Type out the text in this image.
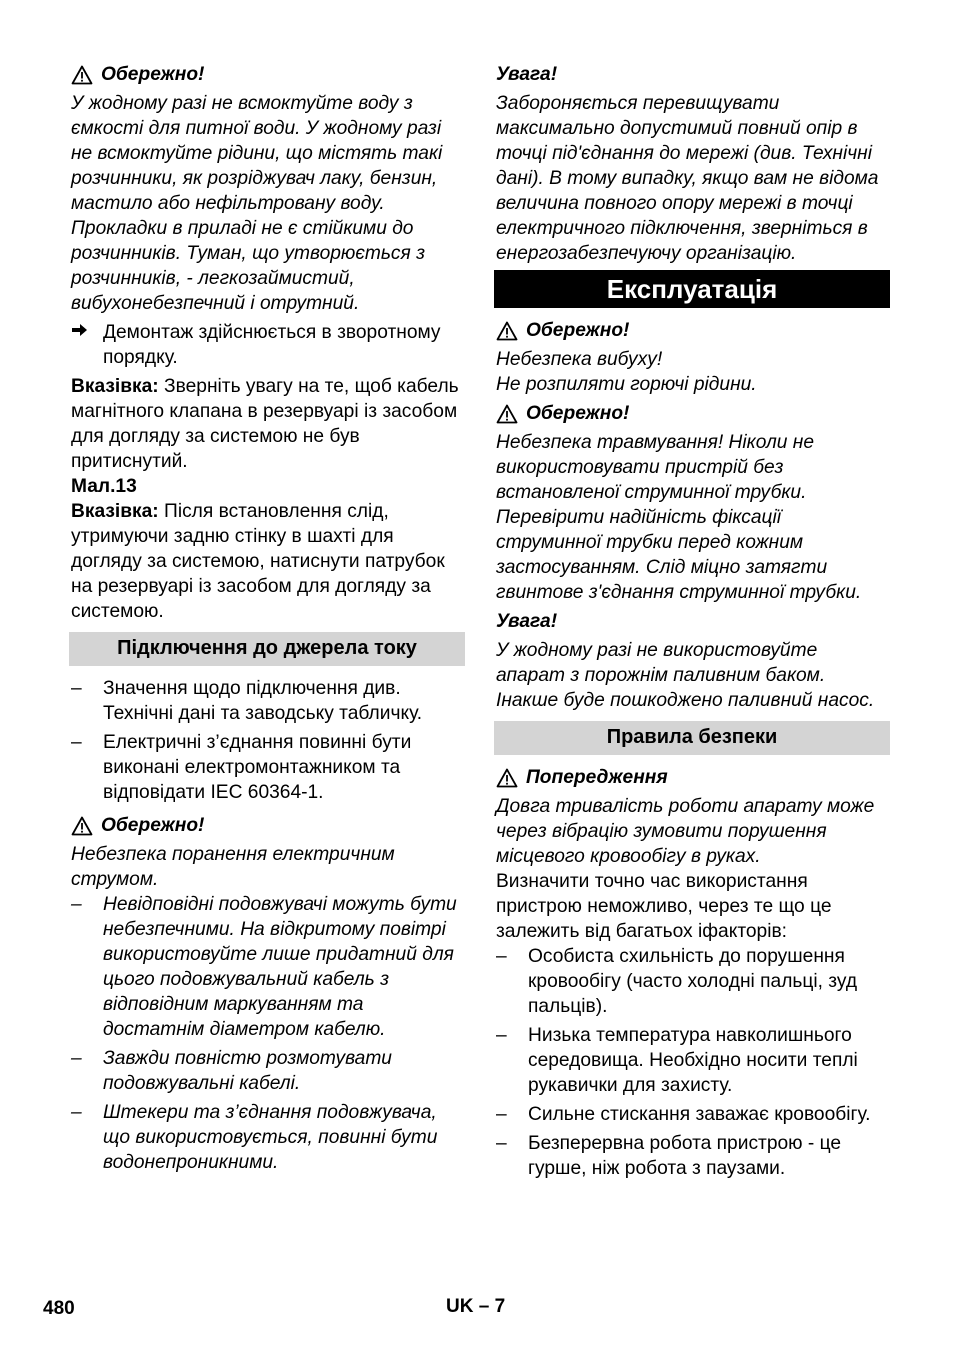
Обережно!

У жодному разі не всмоктуйте воду з ємкості для питної води. У жодному разі не всмоктуйте рідини, що містять такі розчинники, як розріджувач лаку, бензин, мастило або нефільтровану воду. Прокладки в приладі не є стійкими до розчинників. Туман, що утворюється з розчинників, - легкозаймистий, вибухонебезпечний і отрутний.

Демонтаж здійснюється в зворотному порядку.

Вказівка: Зверніть увагу на те, щоб кабель магнітного клапана в резервуарі із засобом для догляду за системою не був притиснутий.

Мал.13

Вказівка: Після встановлення слід, утримуючи задню стінку в шахті для догляду за системою, натиснути патрубок на резервуарі із засобом для догляду за системою.

Підключення до джерела току
–	Значення щодо підключення див. Технічні дані та заводську табличку.
–	Електричні з’єднання повинні бути виконані електромонтажником та відповідати IEC 60364-1.
Обережно!

Небезпека поранення електричним струмом.

–	Невідповідні подовжувачі можуть бути небезпечними. На відкритому повітрі використовуйте лише придатний для цього подовжувальний кабель з відповідним маркуванням та достатнім діаметром кабелю.
–	Завжди повністю розмотувати подовжувальні кабелі.
–	Штекери та з’єднання подовжувача, що використовується, повинні бути водонепроникними.

Увага!

Забороняється перевищувати максимально допустимий повний опір в точці під'єднання до мережі (див. Технічні дані). В тому випадку, якщо вам не відома величина повного опору мережі в точці електричного підключення, зверніться в енергозабезпечуючу організацію.

Експлуатація
Обережно!

Небезпека вибуху!

Не розпиляти горючі рідини.

Обережно!

Небезпека травмування! Ніколи не використовувати пристрій без встановленої струминної трубки. Перевірити надійність фіксації струминної трубки перед кожним застосуванням. Слід міцно затягти гвинтове з'єднання струминної трубки.

Увага!

У жодному разі не використовуйте апарат з порожнім паливним баком. Інакше буде пошкоджено паливний насос.

Правила безпеки
Попередження

Довга тривалість роботи апарату може через вібрацію зумовити порушення місцевого кровообігу в руках.

Визначити точно час використання пристрою неможливо, через те що це залежить від багатьох іфакторів:

–	Особиста схильність до порушення кровообігу (часто холодні пальці, зуд пальців).
–	Низька температура навколишнього середовища. Необхідно носити теплі рукавички для захисту.
–	Сильне стискання заважає кровообігу.
–	Безперервна робота пристрою - це гурше, ніж робота з паузами.
480	UK – 7
